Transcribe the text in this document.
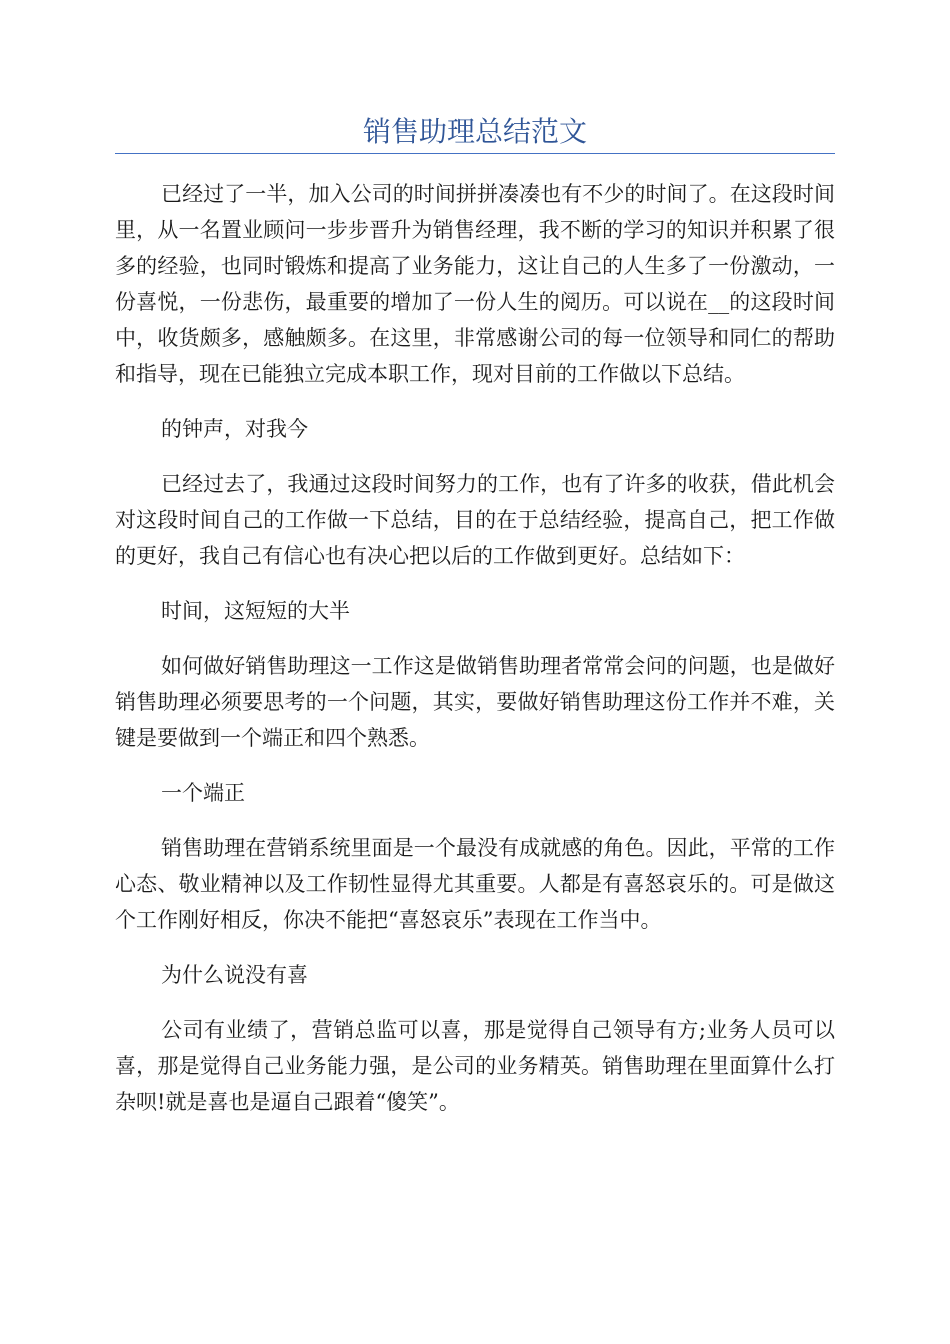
销售助理总结范文

已经过了一半，加入公司的时间拼拼凑凑也有不少的时间了。在这段时间里，从一名置业顾问一步步晋升为销售经理，我不断的学习的知识并积累了很多的经验，也同时锻炼和提高了业务能力，这让自己的人生多了一份激动，一份喜悦，一份悲伤，最重要的增加了一份人生的阅历。可以说在__的这段时间中，收货颇多，感触颇多。在这里，非常感谢公司的每一位领导和同仁的帮助和指导，现在已能独立完成本职工作，现对目前的工作做以下总结。

的钟声，对我今

已经过去了，我通过这段时间努力的工作，也有了许多的收获，借此机会对这段时间自己的工作做一下总结，目的在于总结经验，提高自己，把工作做的更好，我自己有信心也有决心把以后的工作做到更好。总结如下：

时间，这短短的大半

如何做好销售助理这一工作这是做销售助理者常常会问的问题，也是做好销售助理必须要思考的一个问题，其实，要做好销售助理这份工作并不难，关键是要做到一个端正和四个熟悉。

一个端正

销售助理在营销系统里面是一个最没有成就感的角色。因此，平常的工作心态、敬业精神以及工作韧性显得尤其重要。人都是有喜怒哀乐的。可是做这个工作刚好相反，你决不能把“喜怒哀乐”表现在工作当中。

为什么说没有喜

公司有业绩了，营销总监可以喜，那是觉得自己领导有方;业务人员可以喜，那是觉得自己业务能力强，是公司的业务精英。销售助理在里面算什么打杂呗!就是喜也是逼自己跟着“傻笑”。
